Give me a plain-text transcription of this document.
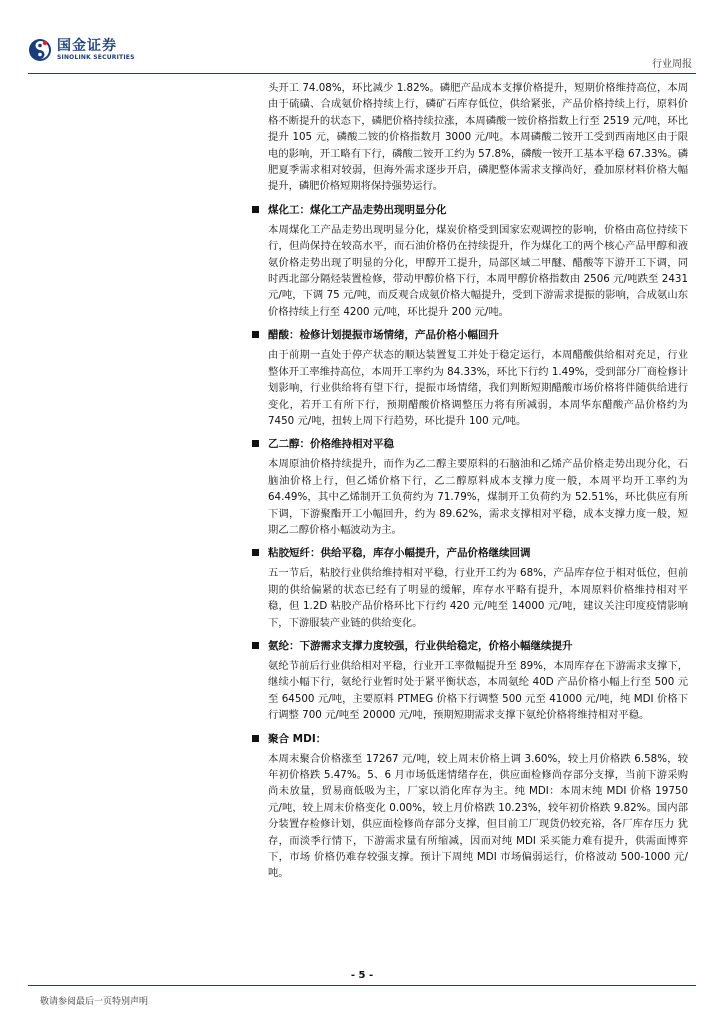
国金证券
SINOLINK SECURITIES
行业周报

头开工 74.08%，环比减少 1.82%。磷肥产品成本支撑价格提升，短期价格维持高位，本周由于硫磺、合成氨价格持续上行，磷矿石库存低位，供给紧张，产品价格持续上行，原料价格不断提升的状态下，磷肥价格持续拉涨，本周磷酸一铵价格指数上行至 2519 元/吨，环比提升 105 元，磷酸二铵的价格指数月 3000 元/吨。本周磷酸二铵开工受到西南地区由于限电的影响，开工略有下行，磷酸二铵开工约为 57.8%，磷酸一铵开工基本平稳 67.33%。磷肥夏季需求相对较弱，但海外需求逐步开启，磷肥整体需求支撑尚好，叠加原材料价格大幅提升，磷肥价格短期将保持强势运行。

煤化工：煤化工产品走势出现明显分化

本周煤化工产品走势出现明显分化，煤炭价格受到国家宏观调控的影响，价格由高位持续下行，但尚保持在较高水平，而石油价格仍在持续提升，作为煤化工的两个核心产品甲醇和液氨价格走势出现了明显的分化，甲醇开工提升，局部区域二甲醚、醋酸等下游开工下调，同时西北部分隔烃装置检修，带动甲醇价格下行，本周甲醇价格指数由 2506 元/吨跌至 2431 元/吨，下调 75 元/吨，而反观合成氨价格大幅提升，受到下游需求提振的影响，合成氨山东价格持续上行至 4200 元/吨，环比提升 200 元/吨。

醋酸：检修计划提振市场情绪，产品价格小幅回升

由于前期一直处于停产状态的顺达装置复工并处于稳定运行，本周醋酸供给相对充足，行业整体开工率维持高位，本周开工率约为 84.33%，环比下行约 1.49%，受到部分厂商检修计划影响，行业供给将有望下行，提振市场情绪，我们判断短期醋酸市场价格将伴随供给进行变化，若开工有所下行，预期醋酸价格调整压力将有所减弱，本周华东醋酸产品价格约为 7450 元/吨，扭转上周下行趋势，环比提升 100 元/吨。

乙二醇：价格维持相对平稳

本周原油价格持续提升，而作为乙二醇主要原料的石脑油和乙烯产品价格走势出现分化，石脑油价格上行，但乙烯价格下行，乙二醇原料成本支撑力度一般，本周平均开工率约为 64.49%，其中乙烯制开工负荷约为 71.79%，煤制开工负荷约为 52.51%，环比供应有所下调，下游聚酯开工小幅回升，约为 89.62%，需求支撑相对平稳，成本支撑力度一般，短期乙二醇价格小幅波动为主。

粘胶短纤：供给平稳，库存小幅提升，产品价格继续回调

五一节后，粘胶行业供给维持相对平稳，行业开工约为 68%，产品库存位于相对低位，但前期的供给偏紧的状态已经有了明显的缓解，库存水平略有提升，本周原料价格维持相对平稳，但 1.2D 粘胶产品价格环比下行约 420 元/吨至 14000 元/吨，建议关注印度疫情影响下，下游服装产业链的供给变化。

氨纶：下游需求支撑力度较强，行业供给稳定，价格小幅继续提升

氨纶节前后行业供给相对平稳，行业开工率微幅提升至 89%，本周库存在下游需求支撑下，继续小幅下行，氨纶行业暂时处于紧平衡状态，本周氨纶 40D 产品价格小幅上行至 500 元至 64500 元/吨，主要原料 PTMEG 价格下行调整 500 元至 41000 元/吨，纯 MDI 价格下行调整 700 元/吨至 20000 元/吨，预期短期需求支撑下氨纶价格将维持相对平稳。

聚合 MDI：

本周末聚合价格涨至 17267 元/吨，较上周末价格上调 3.60%，较上月价格跌 6.58%，较年初价格跌 5.47%。5、6 月市场低迷情绪存在，供应面检修尚存部分支撑，当前下游采购尚未放量，贸易商低吸为主，厂家以消化库存为主。纯 MDI：本周末纯 MDI 价格 19750 元/吨，较上周末价格变化 0.00%，较上月价格跌 10.23%，较年初价格跌 9.82%。国内部分装置存检修计划，供应面检修尚存部分支撑，但目前工厂现货仍较充裕，各厂库存压力 犹存，而淡季行情下，下游需求量有所缩减，因而对纯 MDI 采买能力难有提升，供需面博弈下，市场 价格仍难存较强支撑。预计下周纯 MDI 市场偏弱运行，价格波动 500-1000 元/吨。

- 5 -
敬请参阅最后一页特别声明
